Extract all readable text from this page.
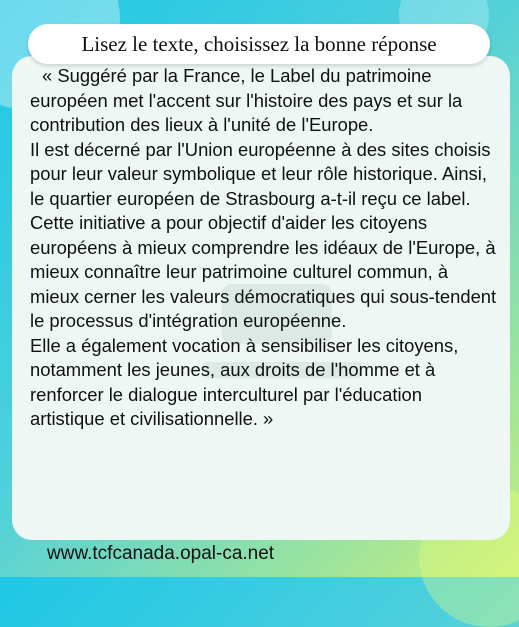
Lisez le texte, choisissez la bonne réponse

« Suggéré par la France, le Label du patrimoine européen met l'accent sur l'histoire des pays et sur la contribution des lieux à l'unité de l'Europe.

Il est décerné par l'Union européenne à des sites choisis pour leur valeur symbolique et leur rôle historique. Ainsi, le quartier européen de Strasbourg a-t-il reçu ce label.

Cette initiative a pour objectif d'aider les citoyens européens à mieux comprendre les idéaux de l'Europe, à mieux connaître leur patrimoine culturel commun, à mieux cerner les valeurs démocratiques qui sous-tendent le processus d'intégration européenne.

Elle a également vocation à sensibiliser les citoyens, notamment les jeunes, aux droits de l'homme et à renforcer le dialogue interculturel par l'éducation artistique et civilisationnelle. »

www.tcfcanada.opal-ca.net
